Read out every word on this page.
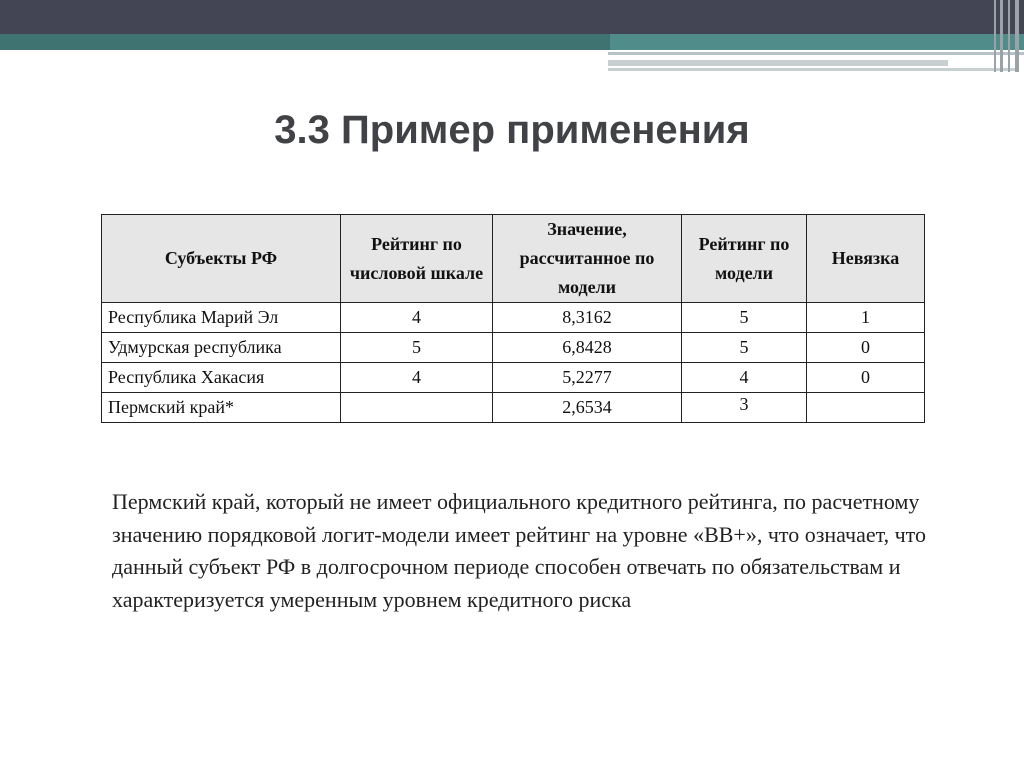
3.3 Пример применения
Субъекты РФ	Рейтинг по числовой шкале	Значение, рассчитанное по модели	Рейтинг по модели	Невязка
Республика Марий Эл	4	8,3162	5	1
Удмурская республика	5	6,8428	5	0
Республика Хакасия	4	5,2277	4	0
Пермский край*		2,6534	3	

Пермский край, который не имеет официального кредитного рейтинга, по расчетному значению порядковой логит-модели имеет рейтинг на уровне «ВВ+», что означает, что данный субъект РФ в долгосрочном периоде способен отвечать по обязательствам и характеризуется умеренным уровнем кредитного риска
